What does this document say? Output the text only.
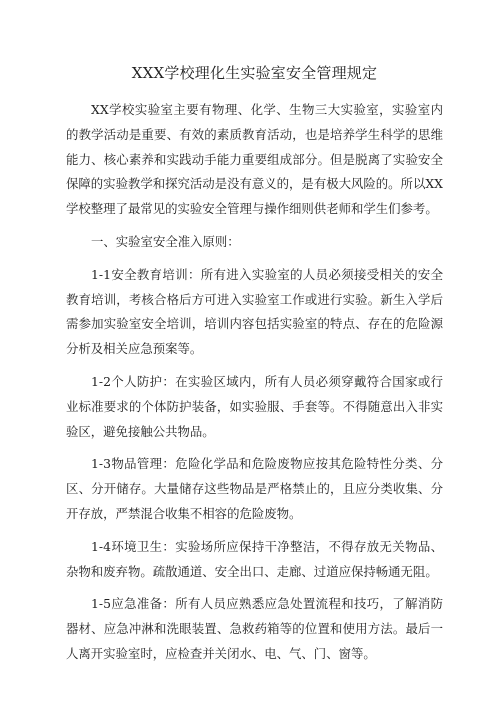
XXX学校理化生实验室安全管理规定

XX学校实验室主要有物理、化学、生物三大实验室，实验室内的教学活动是重要、有效的素质教育活动，也是培养学生科学的思维能力、核心素养和实践动手能力重要组成部分。但是脱离了实验安全保障的实验教学和探究活动是没有意义的，是有极大风险的。所以XX学校整理了最常见的实验安全管理与操作细则供老师和学生们参考。

一、实验室安全准入原则：

1-1安全教育培训：所有进入实验室的人员必须接受相关的安全教育培训，考核合格后方可进入实验室工作或进行实验。新生入学后需参加实验室安全培训，培训内容包括实验室的特点、存在的危险源分析及相关应急预案等。

1-2个人防护：在实验区域内，所有人员必须穿戴符合国家或行业标准要求的个体防护装备，如实验服、手套等。不得随意出入非实验区，避免接触公共物品。

1-3物品管理：危险化学品和危险废物应按其危险特性分类、分区、分开储存。大量储存这些物品是严格禁止的，且应分类收集、分开存放，严禁混合收集不相容的危险废物。

1-4环境卫生：实验场所应保持干净整洁，不得存放无关物品、杂物和废弃物。疏散通道、安全出口、走廊、过道应保持畅通无阻。

1-5应急准备：所有人员应熟悉应急处置流程和技巧，了解消防器材、应急冲淋和洗眼装置、急救药箱等的位置和使用方法。最后一人离开实验室时，应检查并关闭水、电、气、门、窗等。
